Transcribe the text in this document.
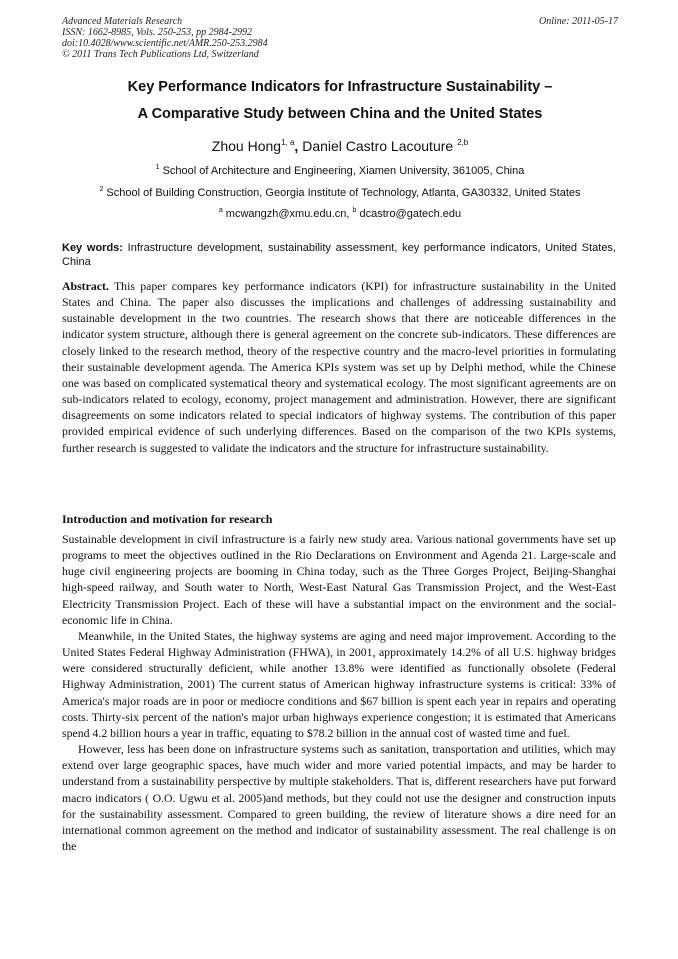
Advanced Materials Research
ISSN: 1662-8985, Vols. 250-253, pp 2984-2992
doi:10.4028/www.scientific.net/AMR.250-253.2984
© 2011 Trans Tech Publications Ltd, Switzerland
Online: 2011-05-17
Key Performance Indicators for Infrastructure Sustainability –
A Comparative Study between China and the United States
Zhou Hong$^{1, a}$, Daniel Castro Lacouture $^{2,b}$
$^1$ School of Architecture and Engineering, Xiamen University, 361005, China
$^2$ School of Building Construction, Georgia Institute of Technology, Atlanta, GA30332, United States
$^a$ mcwangzh@xmu.edu.cn, $^b$ dcastro@gatech.edu
Key words: Infrastructure development, sustainability assessment, key performance indicators, United States, China
Abstract. This paper compares key performance indicators (KPI) for infrastructure sustainability in the United States and China. The paper also discusses the implications and challenges of addressing sustainability and sustainable development in the two countries. The research shows that there are noticeable differences in the indicator system structure, although there is general agreement on the concrete sub-indicators. These differences are closely linked to the research method, theory of the respective country and the macro-level priorities in formulating their sustainable development agenda. The America KPIs system was set up by Delphi method, while the Chinese one was based on complicated systematical theory and systematical ecology. The most significant agreements are on sub-indicators related to ecology, economy, project management and administration. However, there are significant disagreements on some indicators related to special indicators of highway systems. The contribution of this paper provided empirical evidence of such underlying differences. Based on the comparison of the two KPIs systems, further research is suggested to validate the indicators and the structure for infrastructure sustainability.
Introduction and motivation for research

Sustainable development in civil infrastructure is a fairly new study area. Various national governments have set up programs to meet the objectives outlined in the Rio Declarations on Environment and Agenda 21. Large-scale and huge civil engineering projects are booming in China today, such as the Three Gorges Project, Beijing-Shanghai high-speed railway, and South water to North, West-East Natural Gas Transmission Project, and the West-East Electricity Transmission Project. Each of these will have a substantial impact on the environment and the social-economic life in China.

Meanwhile, in the United States, the highway systems are aging and need major improvement. According to the United States Federal Highway Administration (FHWA), in 2001, approximately 14.2% of all U.S. highway bridges were considered structurally deficient, while another 13.8% were identified as functionally obsolete (Federal Highway Administration, 2001) The current status of American highway infrastructure systems is critical: 33% of America's major roads are in poor or mediocre conditions and $67 billion is spent each year in repairs and operating costs. Thirty-six percent of the nation's major urban highways experience congestion; it is estimated that Americans spend 4.2 billion hours a year in traffic, equating to $78.2 billion in the annual cost of wasted time and fuel.

However, less has been done on infrastructure systems such as sanitation, transportation and utilities, which may extend over large geographic spaces, have much wider and more varied potential impacts, and may be harder to understand from a sustainability perspective by multiple stakeholders. That is, different researchers have put forward macro indicators ( O.O. Ugwu et al. 2005)and methods, but they could not use the designer and construction inputs for the sustainability assessment. Compared to green building, the review of literature shows a dire need for an international common agreement on the method and indicator of sustainability assessment. The real challenge is on the
